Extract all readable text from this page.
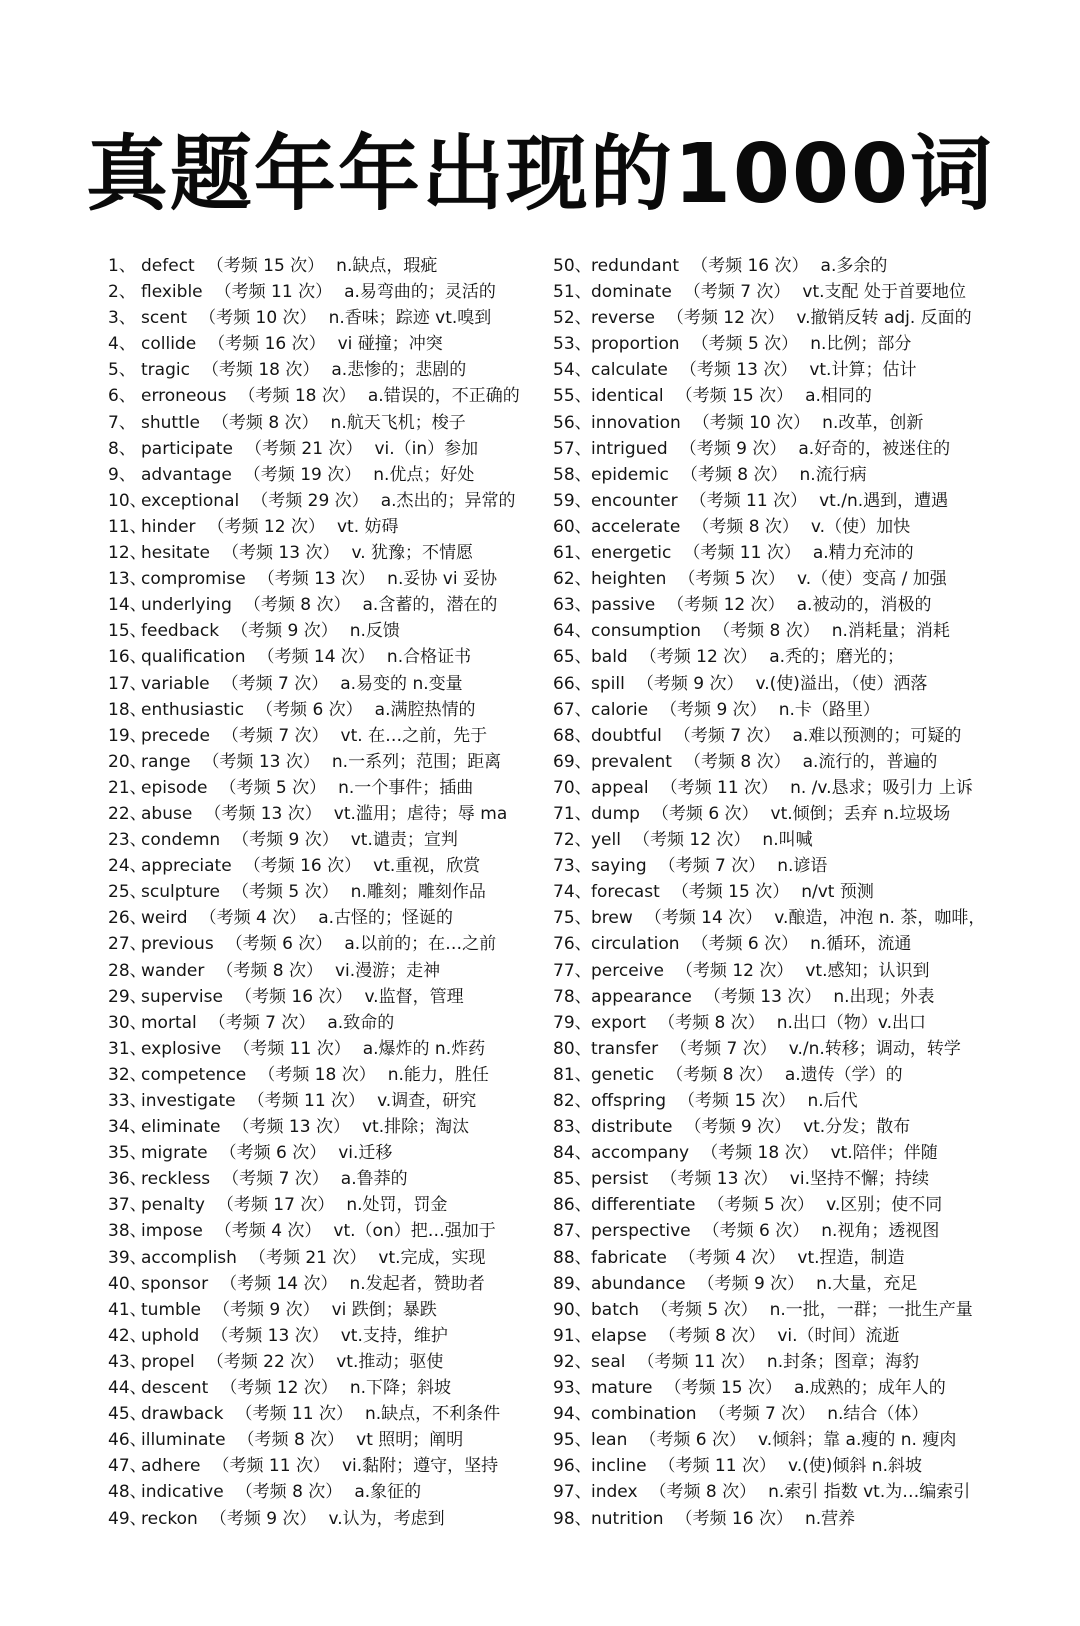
真题年年出现的1000词
1、 defect （考频 15 次） n.缺点，瑕疵
2、 flexible （考频 11 次） a.易弯曲的；灵活的
3、 scent （考频 10 次） n.香味；踪迹 vt.嗅到
4、 collide （考频 16 次） vi 碰撞；冲突
5、 tragic （考频 18 次） a.悲惨的；悲剧的
6、 erroneous （考频 18 次） a.错误的，不正确的
7、 shuttle （考频 8 次） n.航天飞机；梭子
8、 participate （考频 21 次） vi.（in）参加
9、 advantage （考频 19 次） n.优点；好处
10、exceptional （考频 29 次） a.杰出的；异常的
11、hinder （考频 12 次） vt. 妨碍
12、hesitate （考频 13 次） v. 犹豫；不情愿
13、compromise （考频 13 次） n.妥协 vi 妥协
14、underlying （考频 8 次） a.含蓄的，潜在的
15、feedback （考频 9 次） n.反馈
16、qualification （考频 14 次） n.合格证书
17、variable （考频 7 次） a.易变的 n.变量
18、enthusiastic （考频 6 次） a.满腔热情的
19、precede （考频 7 次） vt. 在…之前，先于
20、range （考频 13 次） n.一系列；范围；距离
21、episode （考频 5 次） n.一个事件；插曲
22、abuse （考频 13 次） vt.滥用；虐待；辱 ma
23、condemn （考频 9 次） vt.谴责；宣判
24、appreciate （考频 16 次） vt.重视，欣赏
25、sculpture （考频 5 次） n.雕刻；雕刻作品
26、weird （考频 4 次） a.古怪的；怪诞的
27、previous （考频 6 次） a.以前的；在…之前
28、wander （考频 8 次） vi.漫游；走神
29、supervise （考频 16 次） v.监督，管理
30、mortal （考频 7 次） a.致命的
31、explosive （考频 11 次） a.爆炸的 n.炸药
32、competence （考频 18 次） n.能力，胜任
33、investigate （考频 11 次） v.调查，研究
34、eliminate （考频 13 次） vt.排除；淘汰
35、migrate （考频 6 次） vi.迁移
36、reckless （考频 7 次） a.鲁莽的
37、penalty （考频 17 次） n.处罚，罚金
38、impose （考频 4 次） vt.（on）把…强加于
39、accomplish （考频 21 次） vt.完成，实现
40、sponsor （考频 14 次） n.发起者，赞助者
41、tumble （考频 9 次） vi 跌倒；暴跌
42、uphold （考频 13 次） vt.支持，维护
43、propel （考频 22 次） vt.推动；驱使
44、descent （考频 12 次） n.下降；斜坡
45、drawback （考频 11 次） n.缺点，不利条件
46、illuminate （考频 8 次） vt 照明；阐明
47、adhere （考频 11 次） vi.黏附；遵守，坚持
48、indicative （考频 8 次） a.象征的
49、reckon （考频 9 次） v.认为，考虑到
50、redundant （考频 16 次） a.多余的
51、dominate （考频 7 次） vt.支配 处于首要地位
52、reverse （考频 12 次） v.撤销反转 adj. 反面的
53、proportion （考频 5 次） n.比例；部分
54、calculate （考频 13 次） vt.计算；估计
55、identical （考频 15 次） a.相同的
56、innovation （考频 10 次） n.改革，创新
57、intrigued （考频 9 次） a.好奇的，被迷住的
58、epidemic （考频 8 次） n.流行病
59、encounter （考频 11 次） vt./n.遇到，遭遇
60、accelerate （考频 8 次） v.（使）加快
61、energetic （考频 11 次） a.精力充沛的
62、heighten （考频 5 次） v.（使）变高 / 加强
63、passive （考频 12 次） a.被动的，消极的
64、consumption （考频 8 次） n.消耗量；消耗
65、bald （考频 12 次） a.秃的；磨光的；
66、spill （考频 9 次） v.(使)溢出，（使）洒落
67、calorie （考频 9 次） n.卡（路里）
68、doubtful （考频 7 次） a.难以预测的；可疑的
69、prevalent （考频 8 次） a.流行的，普遍的
70、appeal （考频 11 次） n. /v.恳求；吸引力 上诉
71、dump （考频 6 次） vt.倾倒；丢弃 n.垃圾场
72、yell （考频 12 次） n.叫喊
73、saying （考频 7 次） n.谚语
74、forecast （考频 15 次） n/vt 预测
75、brew （考频 14 次） v.酿造，冲泡 n. 茶，咖啡，
76、circulation （考频 6 次） n.循环，流通
77、perceive （考频 12 次） vt.感知；认识到
78、appearance （考频 13 次） n.出现；外表
79、export （考频 8 次） n.出口（物）v.出口
80、transfer （考频 7 次） v./n.转移；调动，转学
81、genetic （考频 8 次） a.遗传（学）的
82、offspring （考频 15 次） n.后代
83、distribute （考频 9 次） vt.分发；散布
84、accompany （考频 18 次） vt.陪伴；伴随
85、persist （考频 13 次） vi.坚持不懈；持续
86、differentiate （考频 5 次） v.区别；使不同
87、perspective （考频 6 次） n.视角；透视图
88、fabricate （考频 4 次） vt.捏造，制造
89、abundance （考频 9 次） n.大量，充足
90、batch （考频 5 次） n.一批，一群；一批生产量
91、elapse （考频 8 次） vi.（时间）流逝
92、seal （考频 11 次） n.封条；图章；海豹
93、mature （考频 15 次） a.成熟的；成年人的
94、combination （考频 7 次） n.结合（体）
95、lean （考频 6 次） v.倾斜；靠 a.瘦的 n. 瘦肉
96、incline （考频 11 次） v.(使)倾斜 n.斜坡
97、index （考频 8 次） n.索引 指数 vt.为…编索引
98、nutrition （考频 16 次） n.营养
